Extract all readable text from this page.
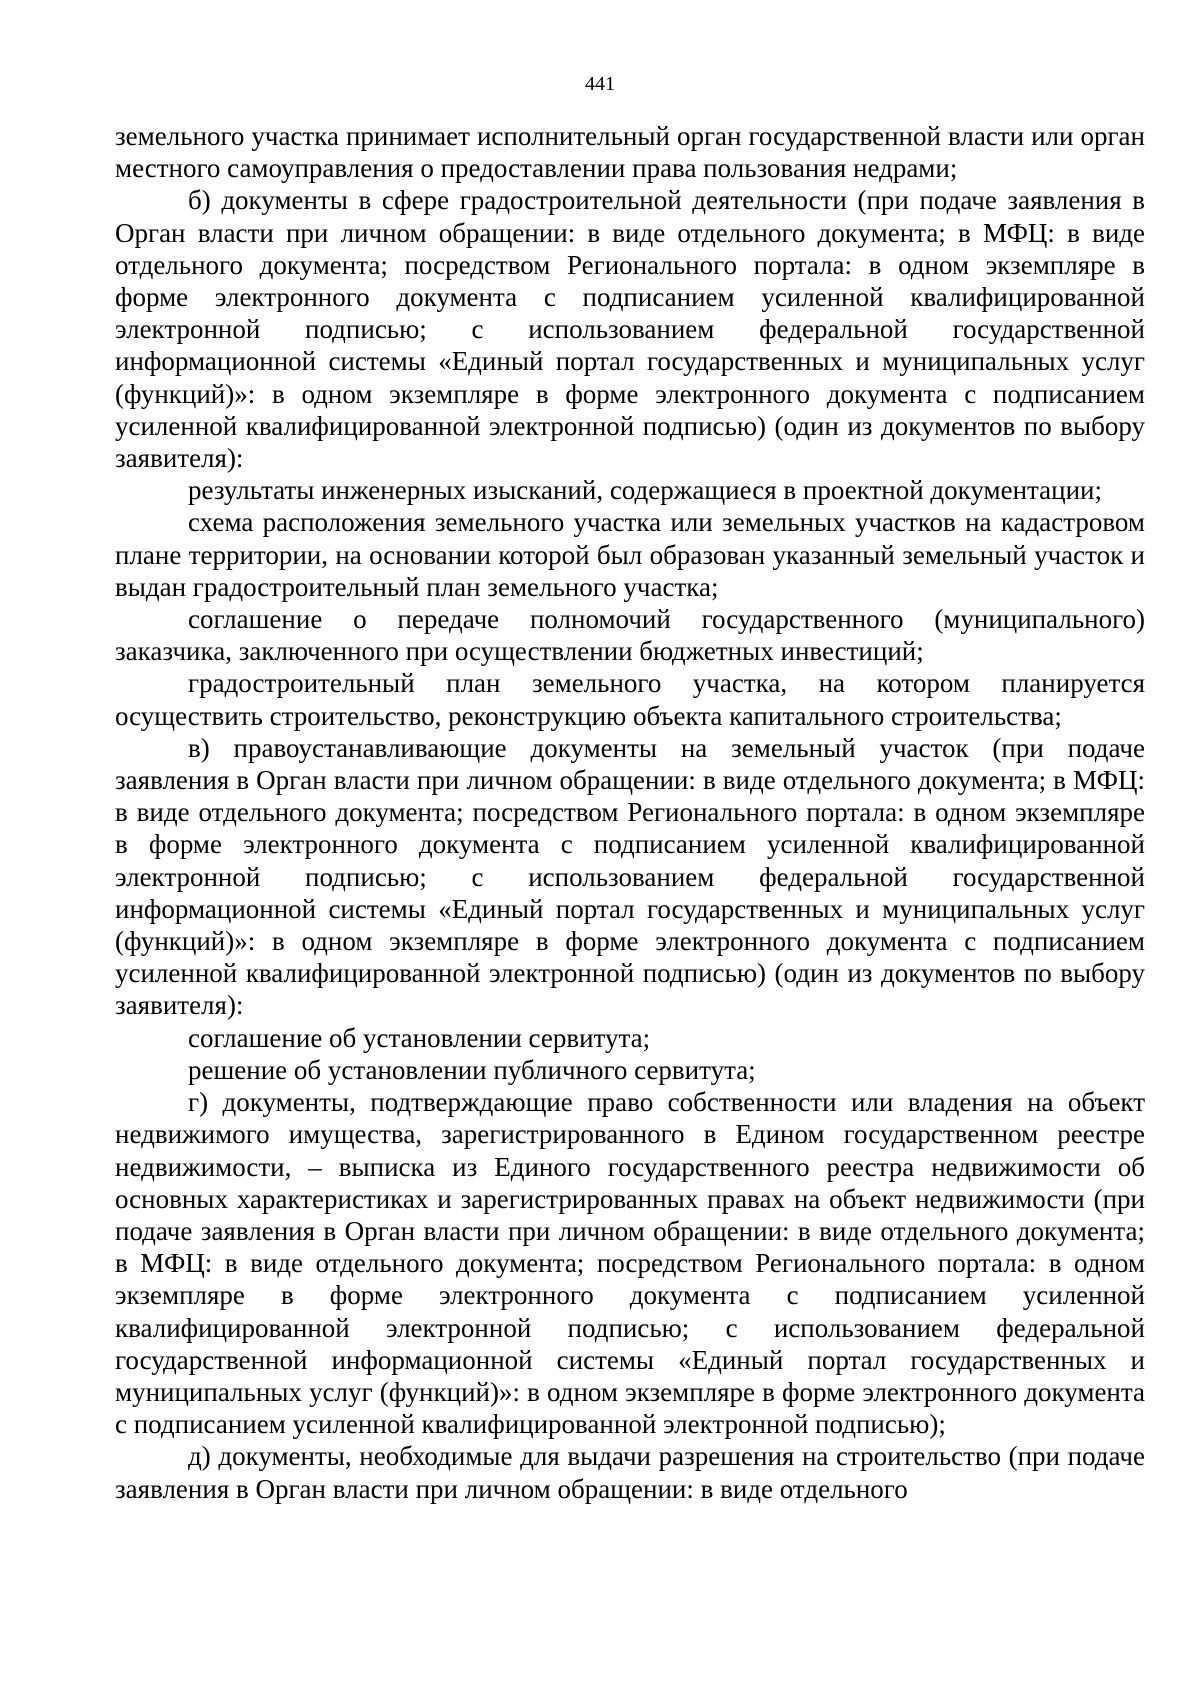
441

земельного участка принимает исполнительный орган государственной власти или орган местного самоуправления о предоставлении права пользования недрами;

б) документы в сфере градостроительной деятельности (при подаче заявления в Орган власти при личном обращении: в виде отдельного документа; в МФЦ: в виде отдельного документа; посредством Регионального портала: в одном экземпляре в форме электронного документа с подписанием усиленной квалифицированной электронной подписью; с использованием федеральной государственной информационной системы «Единый портал государственных и муниципальных услуг (функций)»: в одном экземпляре в форме электронного документа с подписанием усиленной квалифицированной электронной подписью) (один из документов по выбору заявителя):

результаты инженерных изысканий, содержащиеся в проектной документации;

схема расположения земельного участка или земельных участков на кадастровом плане территории, на основании которой был образован указанный земельный участок и выдан градостроительный план земельного участка;

соглашение о передаче полномочий государственного (муниципального) заказчика, заключенного при осуществлении бюджетных инвестиций;

градостроительный план земельного участка, на котором планируется осуществить строительство, реконструкцию объекта капитального строительства;

в) правоустанавливающие документы на земельный участок (при подаче заявления в Орган власти при личном обращении: в виде отдельного документа; в МФЦ: в виде отдельного документа; посредством Регионального портала: в одном экземпляре в форме электронного документа с подписанием усиленной квалифицированной электронной подписью; с использованием федеральной государственной информационной системы «Единый портал государственных и муниципальных услуг (функций)»: в одном экземпляре в форме электронного документа с подписанием усиленной квалифицированной электронной подписью) (один из документов по выбору заявителя):

соглашение об установлении сервитута;

решение об установлении публичного сервитута;

г) документы, подтверждающие право собственности или владения на объект недвижимого имущества, зарегистрированного в Едином государственном реестре недвижимости, – выписка из Единого государственного реестра недвижимости об основных характеристиках и зарегистрированных правах на объект недвижимости (при подаче заявления в Орган власти при личном обращении: в виде отдельного документа; в МФЦ: в виде отдельного документа; посредством Регионального портала: в одном экземпляре в форме электронного документа с подписанием усиленной квалифицированной электронной подписью; с использованием федеральной государственной информационной системы «Единый портал государственных и муниципальных услуг (функций)»: в одном экземпляре в форме электронного документа с подписанием усиленной квалифицированной электронной подписью);

д) документы, необходимые для выдачи разрешения на строительство (при подаче заявления в Орган власти при личном обращении: в виде отдельного
